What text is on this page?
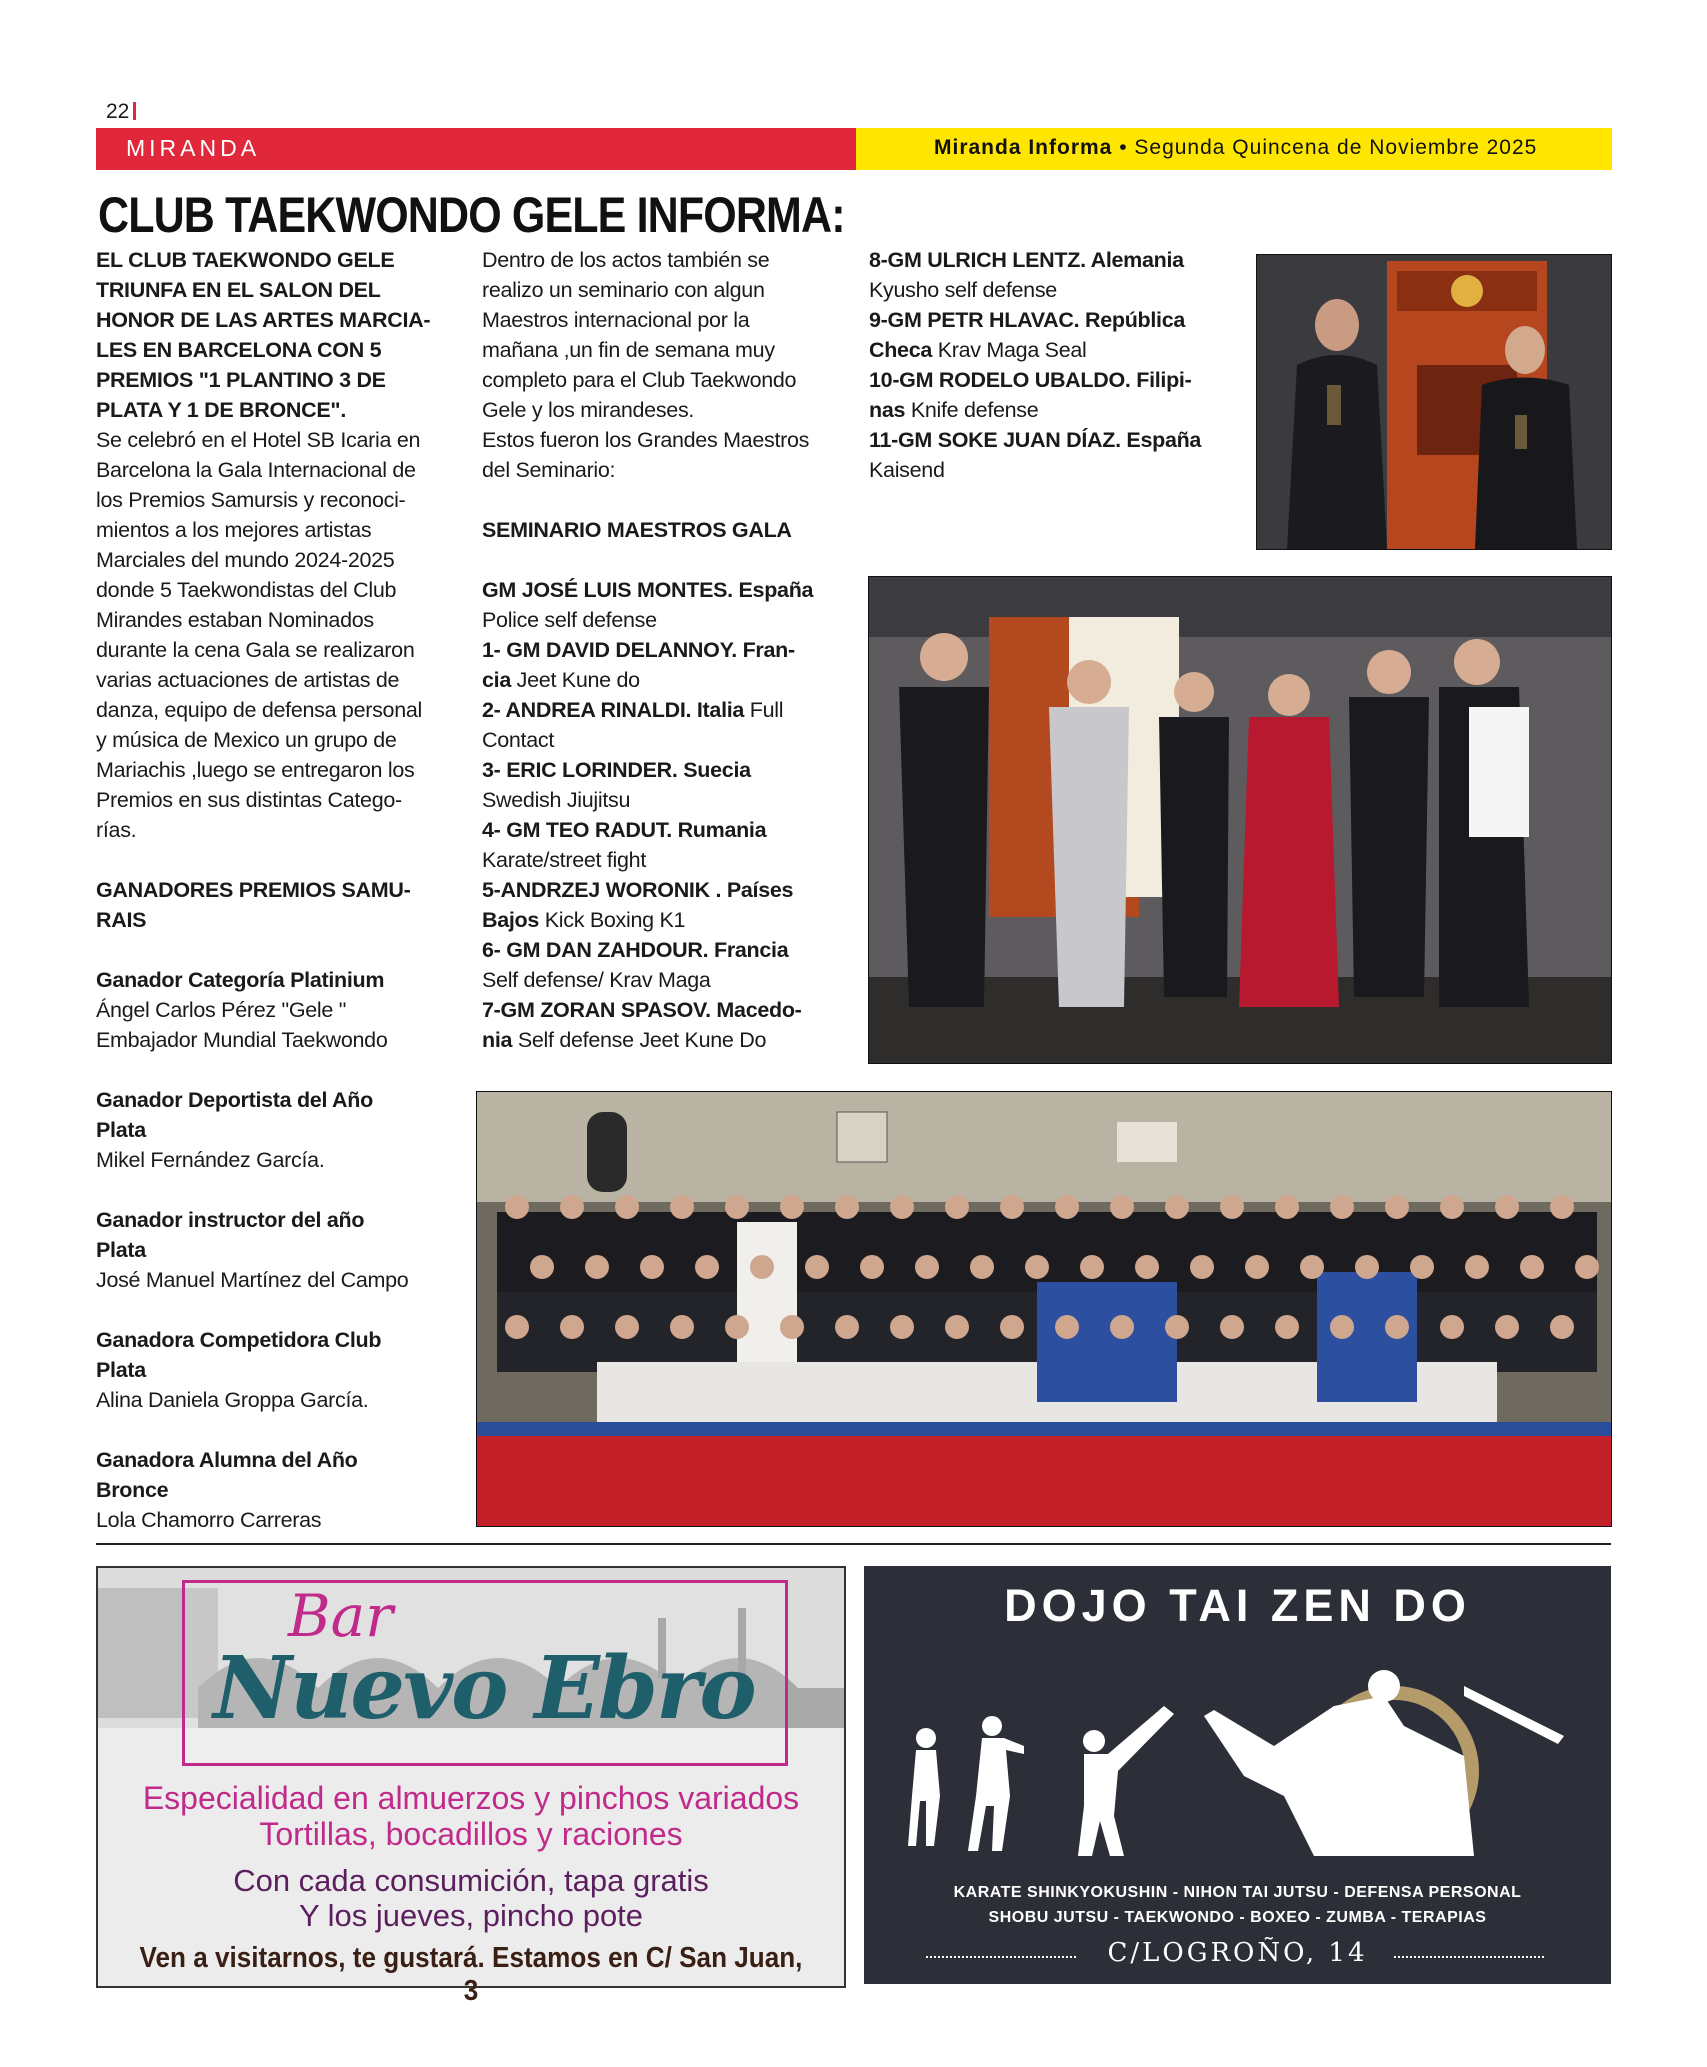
22
MIRANDA	Miranda Informa • Segunda Quincena de Noviembre 2025
CLUB TAEKWONDO GELE INFORMA:

EL CLUB TAEKWONDO GELE

TRIUNFA EN EL SALON DEL

HONOR DE LAS ARTES MARCIA-

LES EN BARCELONA CON 5

PREMIOS "1 PLANTINO 3 DE

PLATA Y 1 DE BRONCE".

Se celebró en el Hotel SB Icaria en

Barcelona la Gala Internacional de

los Premios Samursis y reconoci-

mientos a los mejores artistas

Marciales del mundo 2024-2025

donde 5 Taekwondistas del Club

Mirandes estaban Nominados

durante la cena Gala se realizaron

varias actuaciones de artistas de

danza, equipo de defensa personal

y música de Mexico un grupo de

Mariachis ,luego se entregaron los

Premios en sus distintas Catego-

rías.

GANADORES PREMIOS SAMU-

RAIS

Ganador Categoría Platinium

Ángel Carlos Pérez "Gele "

Embajador Mundial Taekwondo

Ganador Deportista del Año

Plata

Mikel Fernández García.

Ganador instructor del año

Plata

José Manuel Martínez del Campo

Ganadora Competidora Club

Plata

Alina Daniela Groppa García.

Ganadora Alumna del Año

Bronce

Lola Chamorro Carreras

Dentro de los actos también se

realizo un seminario con algun

Maestros internacional por la

mañana ,un fin de semana muy

completo para el Club Taekwondo

Gele y los mirandeses.

Estos fueron los Grandes Maestros

del Seminario:

SEMINARIO MAESTROS GALA

GM JOSÉ LUIS MONTES. España

Police self defense

1- GM DAVID DELANNOY. Fran-

cia Jeet Kune do

2- ANDREA RINALDI. Italia Full

Contact

3- ERIC LORINDER. Suecia

Swedish Jiujitsu

4- GM TEO RADUT. Rumania

Karate/street fight

5-ANDRZEJ WORONIK . Países

Bajos Kick Boxing K1

6- GM DAN ZAHDOUR. Francia

Self defense/ Krav Maga

7-GM ZORAN SPASOV. Macedo-

nia Self defense Jeet Kune Do

8-GM ULRICH LENTZ. Alemania

Kyusho self defense

9-GM PETR HLAVAC. República

Checa Krav Maga Seal

10-GM RODELO UBALDO. Filipi-

nas Knife defense

11-GM SOKE JUAN DÍAZ. España

Kaisend

Bar
Nuevo Ebro
Especialidad en almuerzos y pinchos variados
Tortillas, bocadillos y raciones
Con cada consumición, tapa gratis
Y los jueves, pincho pote
Ven a visitarnos, te gustará. Estamos en C/ San Juan, 3
DOJO TAI ZEN DO
KARATE SHINKYOKUSHIN - NIHON TAI JUTSU - DEFENSA PERSONAL
SHOBU JUTSU - TAEKWONDO - BOXEO - ZUMBA - TERAPIAS
C/LOGROÑO, 14
